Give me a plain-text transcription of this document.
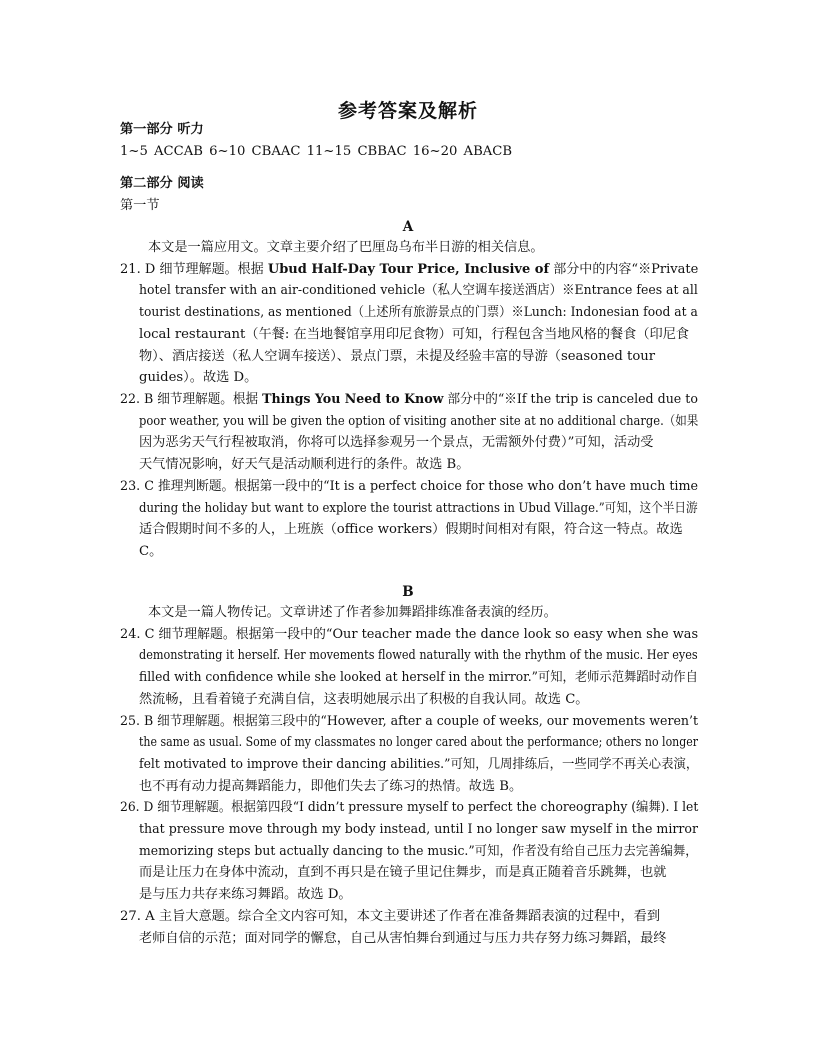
参考答案及解析
第一部分 听力
1~5 ACCAB 6~10 CBAAC 11~15 CBBAC 16~20 ABACB
第二部分 阅读
第一节
A
本文是一篇应用文。文章主要介绍了巴厘岛乌布半日游的相关信息。
21. D 细节理解题。根据 Ubud Half-Day Tour Price, Inclusive of 部分中的内容“※Private
hotel transfer with an air-conditioned vehicle（私人空调车接送酒店）※Entrance fees at all
tourist destinations, as mentioned（上述所有旅游景点的门票）※Lunch: Indonesian food at a
local restaurant（午餐: 在当地餐馆享用印尼食物）可知，行程包含当地风格的餐食（印尼食
物）、酒店接送（私人空调车接送）、景点门票，未提及经验丰富的导游（seasoned tour
guides）。故选 D。
22. B 细节理解题。根据 Things You Need to Know 部分中的“※If the trip is canceled due to
poor weather, you will be given the option of visiting another site at no additional charge.（如果
因为恶劣天气行程被取消，你将可以选择参观另一个景点，无需额外付费）”可知，活动受
天气情况影响，好天气是活动顺利进行的条件。故选 B。
23. C 推理判断题。根据第一段中的“It is a perfect choice for those who don’t have much time
during the holiday but want to explore the tourist attractions in Ubud Village.”可知，这个半日游
适合假期时间不多的人，上班族（office workers）假期时间相对有限，符合这一特点。故选
C。
B
本文是一篇人物传记。文章讲述了作者参加舞蹈排练准备表演的经历。
24. C 细节理解题。根据第一段中的“Our teacher made the dance look so easy when she was
demonstrating it herself. Her movements flowed naturally with the rhythm of the music. Her eyes
filled with confidence while she looked at herself in the mirror.”可知，老师示范舞蹈时动作自
然流畅，且看着镜子充满自信，这表明她展示出了积极的自我认同。故选 C。
25. B 细节理解题。根据第三段中的“However, after a couple of weeks, our movements weren’t
the same as usual. Some of my classmates no longer cared about the performance; others no longer
felt motivated to improve their dancing abilities.”可知，几周排练后，一些同学不再关心表演，
也不再有动力提高舞蹈能力，即他们失去了练习的热情。故选 B。
26. D 细节理解题。根据第四段“I didn’t pressure myself to perfect the choreography (编舞). I let
that pressure move through my body instead, until I no longer saw myself in the mirror
memorizing steps but actually dancing to the music.”可知，作者没有给自己压力去完善编舞，
而是让压力在身体中流动，直到不再只是在镜子里记住舞步，而是真正随着音乐跳舞，也就
是与压力共存来练习舞蹈。故选 D。
27. A 主旨大意题。综合全文内容可知，本文主要讲述了作者在准备舞蹈表演的过程中，看到
老师自信的示范；面对同学的懈怠，自己从害怕舞台到通过与压力共存努力练习舞蹈，最终
